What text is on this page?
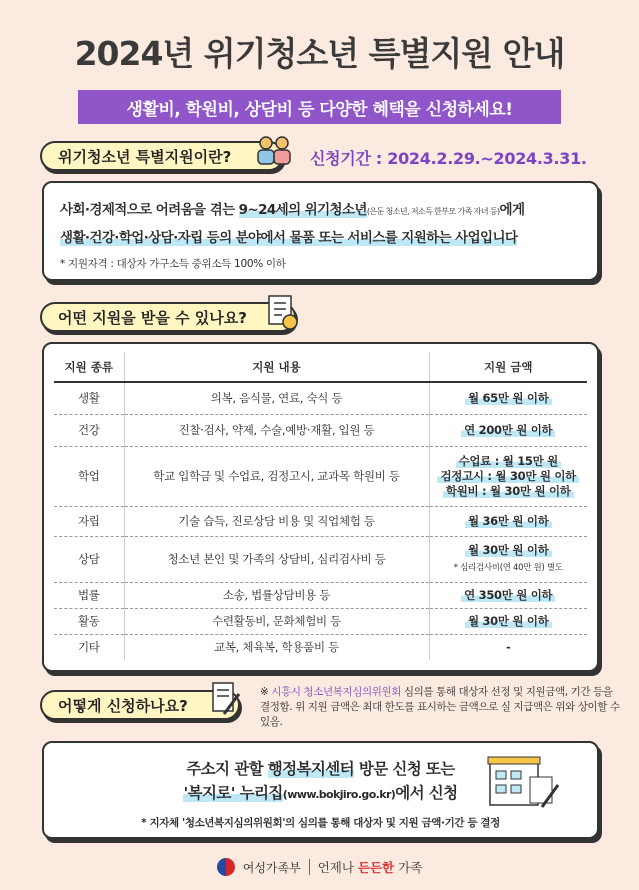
2024년 위기청소년 특별지원 안내
생활비, 학원비, 상담비 등 다양한 혜택을 신청하세요!
위기청소년 특별지원이란?	신청기간 : 2024.2.29.~2024.3.31.
사회·경제적으로 어려움을 겪는 9~24세의 위기청소년(은둔 청소년, 저소득 한부모 가족 자녀 등)에게
생활·건강·학업·상담·자립 등의 분야에서 물품 또는 서비스를 지원하는 사업입니다
* 지원자격 : 대상자 가구소득 중위소득 100% 이하
어떤 지원을 받을 수 있나요?
지원 종류	지원 내용	지원 금액
생활	의복, 음식물, 연료, 숙식 등	월 65만 원 이하
건강	진찰·검사, 약제, 수술,예방·재활, 입원 등	연 200만 원 이하
학업	학교 입학금 및 수업료, 검정고시, 교과목 학원비 등	수업료 : 월 15만 원
검정고시 : 월 30만 원 이하
학원비 : 월 30만 원 이하
자립	기술 습득, 진로상담 비용 및 직업체험 등	월 36만 원 이하
상담	청소년 본인 및 가족의 상담비, 심리검사비 등	월 30만 원 이하
* 심리검사비(연 40만 원) 별도
법률	소송, 법률상담비용 등	연 350만 원 이하
활동	수련활동비, 문화체험비 등	월 30만 원 이하
기타	교복, 체육복, 학용품비 등	-
어떻게 신청하나요?
※ 시흥시 청소년복지심의위원회 심의를 통해 대상자 선정 및 지원금액, 기간 등을 결정함. 위 지원 금액은 최대 한도를 표시하는 금액으로 실 지급액은 위와 상이할 수 있음.
주소지 관할 행정복지센터 방문 신청 또는
'복지로' 누리집(www.bokjiro.go.kr)에서 신청
* 지자체 '청소년복지심의위원회'의 심의를 통해 대상자 및 지원 금액·기간 등 결정
여성가족부 언제나 든든한 가족
